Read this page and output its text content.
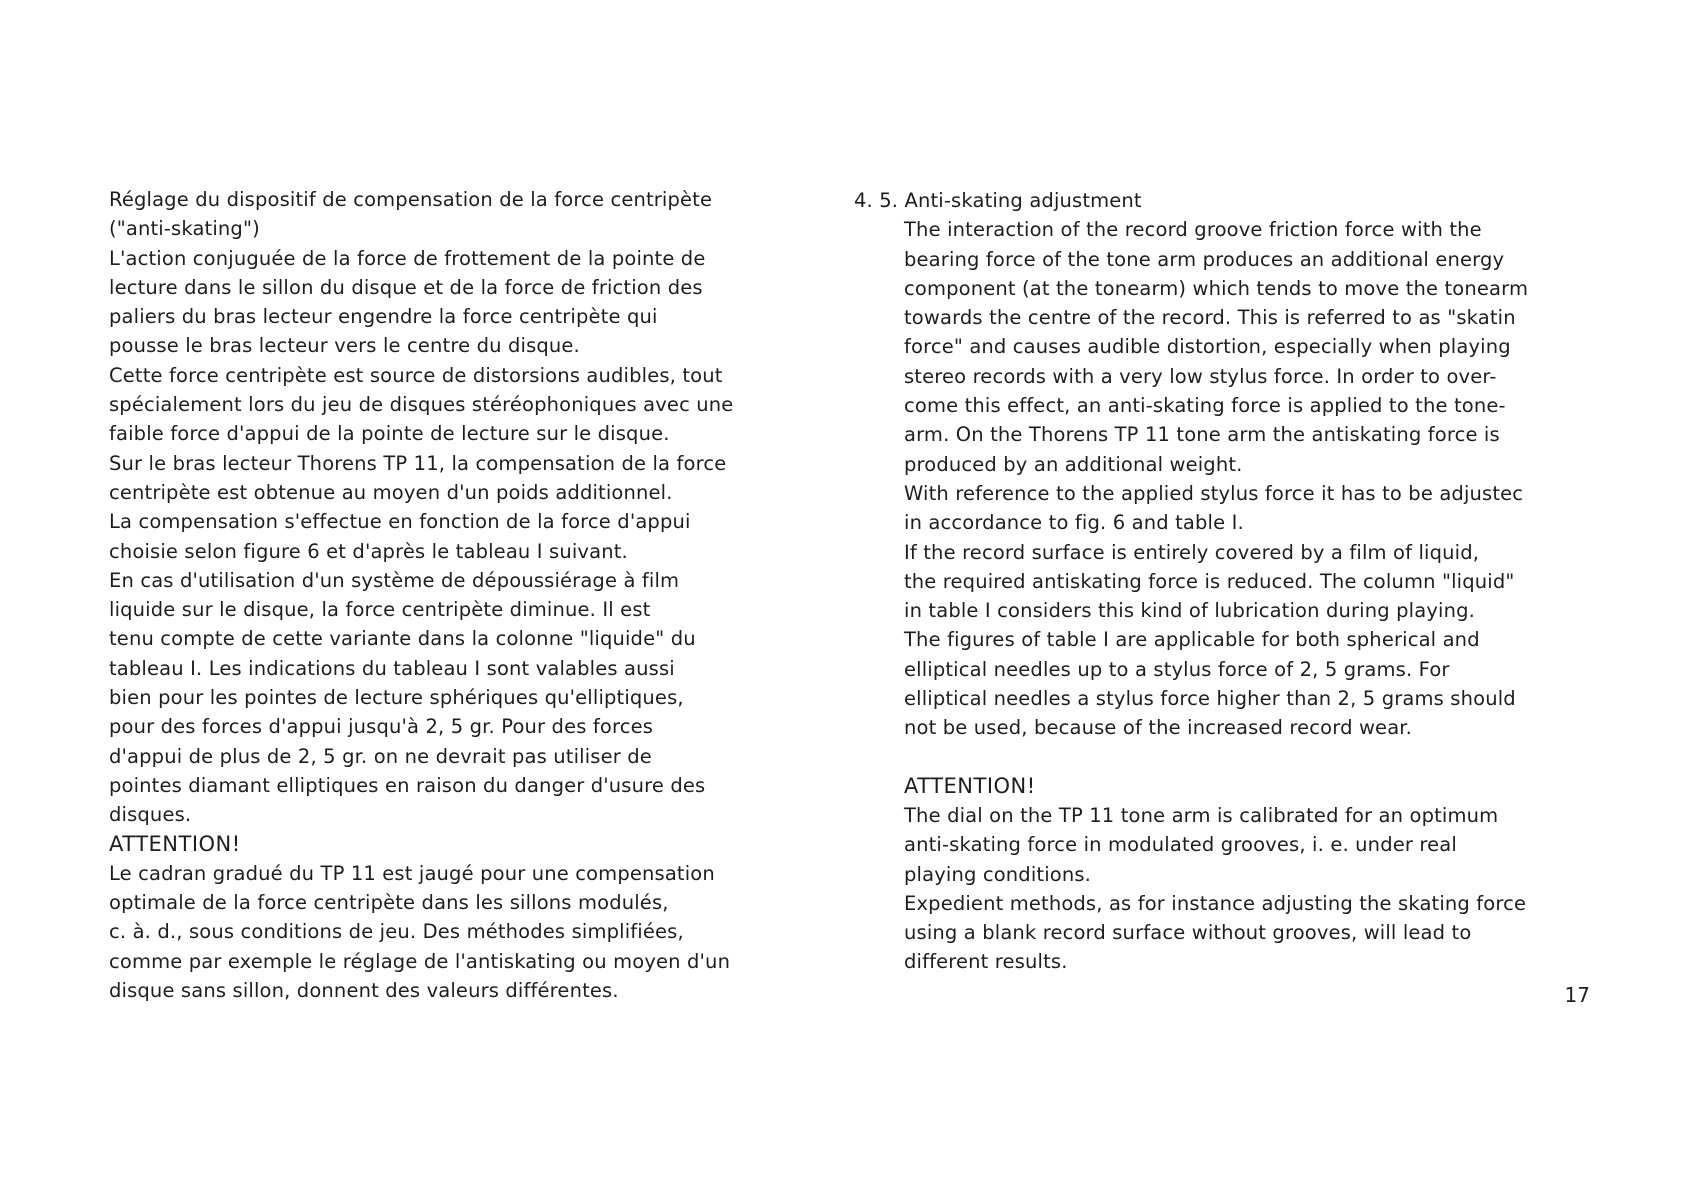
Réglage du dispositif de compensation de la force centripète
("anti-skating")
L'action conjuguée de la force de frottement de la pointe de
lecture dans le sillon du disque et de la force de friction des
paliers du bras lecteur engendre la force centripète qui
pousse le bras lecteur vers le centre du disque.
Cette force centripète est source de distorsions audibles, tout
spécialement lors du jeu de disques stéréophoniques avec une
faible force d'appui de la pointe de lecture sur le disque.
Sur le bras lecteur Thorens TP 11, la compensation de la force
centripète est obtenue au moyen d'un poids additionnel.
La compensation s'effectue en fonction de la force d'appui
choisie selon figure 6 et d'après le tableau I suivant.
En cas d'utilisation d'un système de dépoussiérage à film
liquide sur le disque, la force centripète diminue. Il est
tenu compte de cette variante dans la colonne "liquide" du
tableau I. Les indications du tableau I sont valables aussi
bien pour les pointes de lecture sphériques qu'elliptiques,
pour des forces d'appui jusqu'à 2, 5 gr. Pour des forces
d'appui de plus de 2, 5 gr. on ne devrait pas utiliser de
pointes diamant elliptiques en raison du danger d'usure des
disques.
ATTENTION!
Le cadran gradué du TP 11 est jaugé pour une compensation
optimale de la force centripète dans les sillons modulés,
c. à. d., sous conditions de jeu. Des méthodes simplifiées,
comme par exemple le réglage de l'antiskating ou moyen d'un
disque sans sillon, donnent des valeurs différentes.
4. 5. Anti-skating adjustment
The interaction of the record groove friction force with the
bearing force of the tone arm produces an additional energy
component (at the tonearm) which tends to move the tonearm
towards the centre of the record. This is referred to as "skatin
force" and causes audible distortion, especially when playing
stereo records with a very low stylus force. In order to over-
come this effect, an anti-skating force is applied to the tone-
arm. On the Thorens TP 11 tone arm the antiskating force is
produced by an additional weight.
With reference to the applied stylus force it has to be adjustec
in accordance to fig. 6 and table I.
If the record surface is entirely covered by a film of liquid,
the required antiskating force is reduced. The column "liquid"
in table I considers this kind of lubrication during playing.
The figures of table I are applicable for both spherical and
elliptical needles up to a stylus force of 2, 5 grams. For
elliptical needles a stylus force higher than 2, 5 grams should
not be used, because of the increased record wear.
ATTENTION!
The dial on the TP 11 tone arm is calibrated for an optimum
anti-skating force in modulated grooves, i. e. under real
playing conditions.
Expedient methods, as for instance adjusting the skating force
using a blank record surface without grooves, will lead to
different results.
17
